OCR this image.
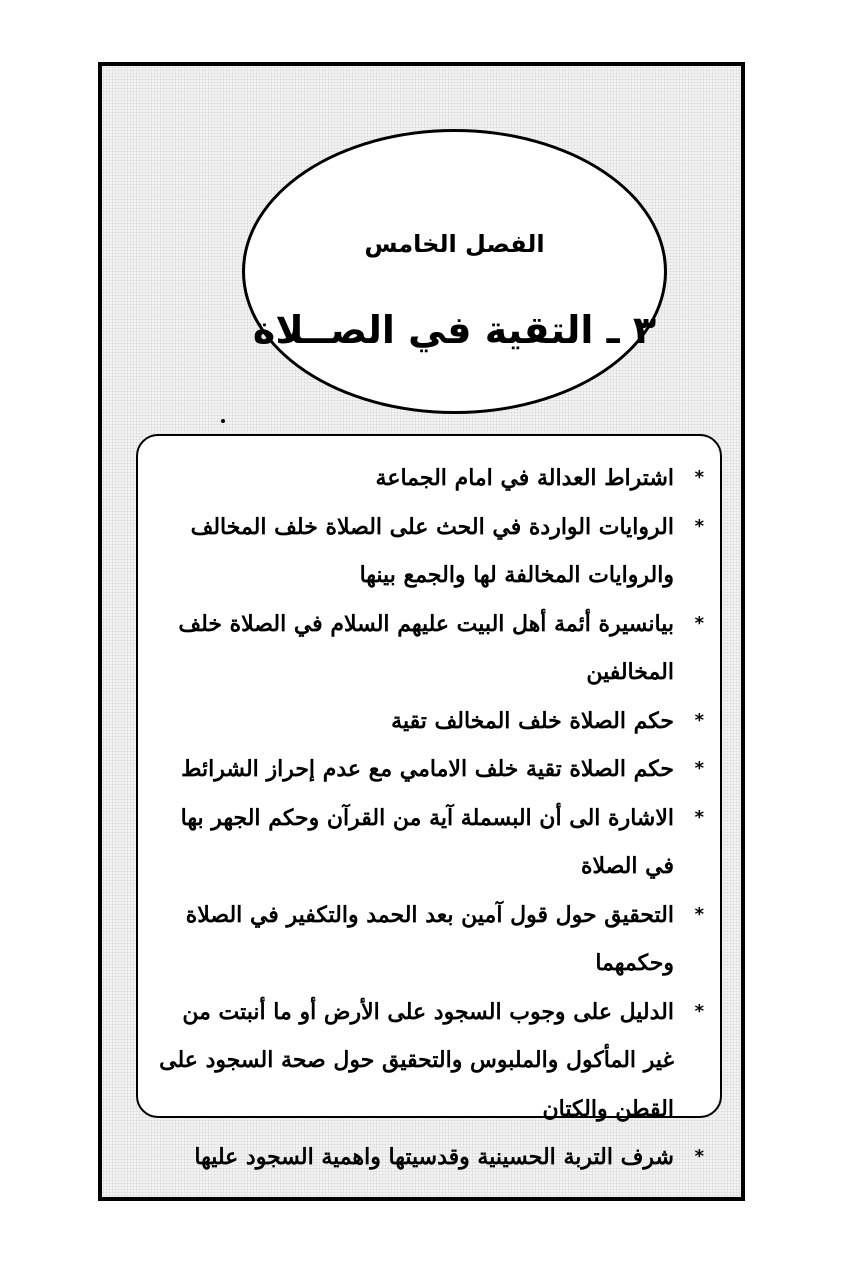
الفصل الخامس
٣ ـ التقية في الصــلاة
*
اشتراط العدالة في امام الجماعة
*
الروايات الواردة في الحث على الصلاة خلف المخالف والروايات المخالفة لها والجمع بينها
*
بيانسيرة أئمة أهل البيت عليهم السلام في الصلاة خلف المخالفين
*
حكم الصلاة خلف المخالف تقية
*
حكم الصلاة تقية خلف الامامي مع عدم إحراز الشرائط
*
الاشارة الى أن البسملة آية من القرآن وحكم الجهر بها في الصلاة
*
التحقيق حول قول آمين بعد الحمد والتكفير في الصلاة وحكمهما
*
الدليل على وجوب السجود على الأرض أو ما أنبتت من غير المأكول والملبوس والتحقيق حول صحة السجود على القطن والكتان
*
شرف التربة الحسينية وقدسيتها واهمية السجود عليها
